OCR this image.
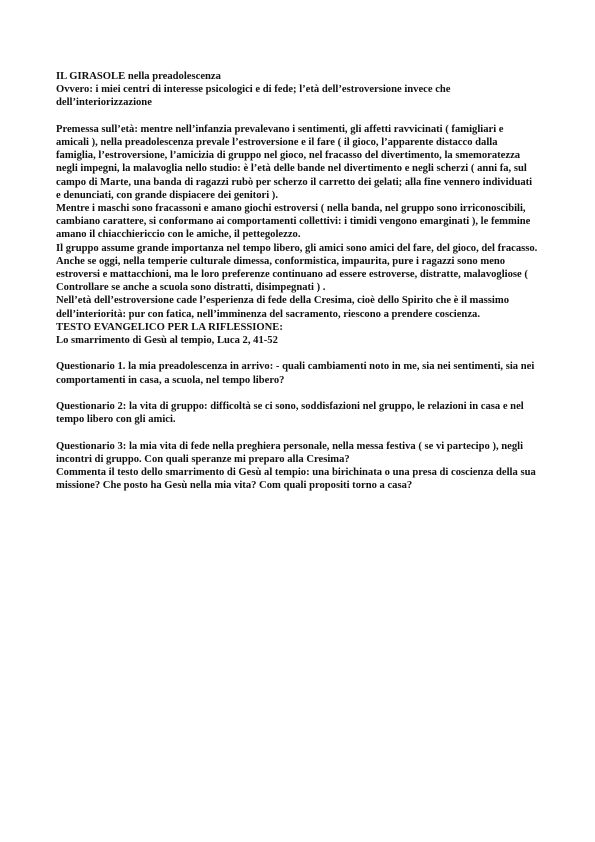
IL GIRASOLE nella preadolescenza

Ovvero: i miei centri di interesse psicologici e di fede; l’età dell’estroversione invece che dell’interiorizzazione

Premessa sull’età: mentre nell’infanzia prevalevano i sentimenti, gli affetti ravvicinati ( famigliari e amicali ), nella preadolescenza prevale l’estroversione e il fare ( il gioco, l’apparente distacco dalla famiglia, l’estroversione, l’amicizia di gruppo nel gioco, nel fracasso del divertimento, la smemoratezza negli impegni, la malavoglia nello studio: è l’età delle bande nel divertimento e negli scherzi ( anni fa, sul campo di Marte, una banda di ragazzi rubò per scherzo il carretto dei gelati; alla fine vennero individuati e denunciati, con grande dispiacere dei genitori ).

Mentre i maschi sono fracassoni e amano giochi estroversi ( nella banda, nel gruppo sono irriconoscibili, cambiano carattere, si conformano ai comportamenti collettivi: i timidi vengono emarginati ), le femmine amano il chiacchiericcio con le amiche, il pettegolezzo.

Il gruppo assume grande importanza nel tempo libero, gli amici sono amici del fare, del gioco, del fracasso. Anche se oggi, nella temperie culturale dimessa, conformistica, impaurita, pure i ragazzi sono meno estroversi e mattacchioni, ma le loro preferenze continuano ad essere estroverse, distratte, malavogliose ( Controllare se anche a scuola sono distratti, disimpegnati ) .

Nell’età dell’estroversione cade l’esperienza di fede della Cresima, cioè dello Spirito che è il massimo dell’interiorità: pur con fatica, nell’imminenza del sacramento, riescono a prendere coscienza.

TESTO EVANGELICO PER LA RIFLESSIONE:

Lo smarrimento di Gesù al tempio, Luca 2, 41-52

Questionario 1. la mia preadolescenza in arrivo: - quali cambiamenti noto in me, sia nei sentimenti, sia nei comportamenti in casa, a scuola, nel tempo libero?

Questionario 2: la vita di gruppo: difficoltà se ci sono, soddisfazioni nel gruppo, le relazioni in casa e nel tempo libero con gli amici.

Questionario 3: la mia vita di fede nella preghiera personale, nella messa festiva ( se vi partecipo ), negli incontri di gruppo. Con quali speranze mi preparo alla Cresima?

Commenta il testo dello smarrimento di Gesù al tempio: una birichinata o una presa di coscienza della sua missione? Che posto ha Gesù nella mia vita? Com quali propositi torno a casa?
